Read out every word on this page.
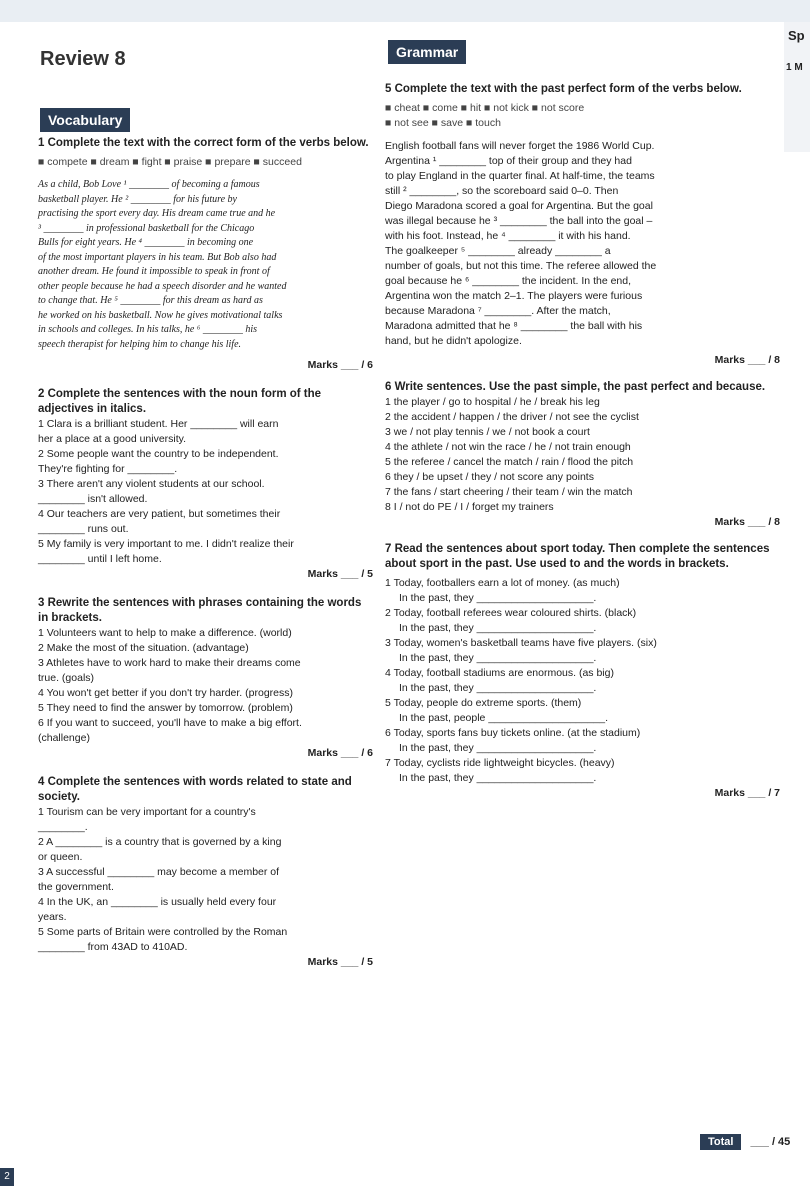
Sp
1 M
Review 8
Vocabulary
Grammar

1 Complete the text with the correct form of the verbs below.

■ compete ■ dream ■ fight ■ praise ■ prepare ■ succeed

As a child, Bob Love ¹ ________ of becoming a famous

basketball player. He ² ________ for his future by

practising the sport every day. His dream came true and he

³ ________ in professional basketball for the Chicago

Bulls for eight years. He ⁴ ________ in becoming one

of the most important players in his team. But Bob also had

another dream. He found it impossible to speak in front of

other people because he had a speech disorder and he wanted

to change that. He ⁵ ________ for this dream as hard as

he worked on his basketball. Now he gives motivational talks

in schools and colleges. In his talks, he ⁶ ________ his

speech therapist for helping him to change his life.

Marks ___ / 6

2 Complete the sentences with the noun form of the adjectives in italics.

1 Clara is a brilliant student. Her ________ will earn

her a place at a good university.

2 Some people want the country to be independent.

They're fighting for ________.

3 There aren't any violent students at our school.

________ isn't allowed.

4 Our teachers are very patient, but sometimes their

________ runs out.

5 My family is very important to me. I didn't realize their

________ until I left home.

Marks ___ / 5

3 Rewrite the sentences with phrases containing the words in brackets.

1 Volunteers want to help to make a difference. (world)

2 Make the most of the situation. (advantage)

3 Athletes have to work hard to make their dreams come

true. (goals)

4 You won't get better if you don't try harder. (progress)

5 They need to find the answer by tomorrow. (problem)

6 If you want to succeed, you'll have to make a big effort.

(challenge)

Marks ___ / 6

4 Complete the sentences with words related to state and society.

1 Tourism can be very important for a country's

________.

2 A ________ is a country that is governed by a king

or queen.

3 A successful ________ may become a member of

the government.

4 In the UK, an ________ is usually held every four

years.

5 Some parts of Britain were controlled by the Roman

________ from 43AD to 410AD.

Marks ___ / 5

5 Complete the text with the past perfect form of the verbs below.

■ cheat ■ come ■ hit ■ not kick ■ not score

■ not see ■ save ■ touch

English football fans will never forget the 1986 World Cup.

Argentina ¹ ________ top of their group and they had

to play England in the quarter final. At half-time, the teams

still ² ________, so the scoreboard said 0–0. Then

Diego Maradona scored a goal for Argentina. But the goal

was illegal because he ³ ________ the ball into the goal –

with his foot. Instead, he ⁴ ________ it with his hand.

The goalkeeper ⁵ ________ already ________ a

number of goals, but not this time. The referee allowed the

goal because he ⁶ ________ the incident. In the end,

Argentina won the match 2–1. The players were furious

because Maradona ⁷ ________. After the match,

Maradona admitted that he ⁸ ________ the ball with his

hand, but he didn't apologize.

Marks ___ / 8

6 Write sentences. Use the past simple, the past perfect and because.

1 the player / go to hospital / he / break his leg

2 the accident / happen / the driver / not see the cyclist

3 we / not play tennis / we / not book a court

4 the athlete / not win the race / he / not train enough

5 the referee / cancel the match / rain / flood the pitch

6 they / be upset / they / not score any points

7 the fans / start cheering / their team / win the match

8 I / not do PE / I / forget my trainers

Marks ___ / 8

7 Read the sentences about sport today. Then complete the sentences about sport in the past. Use used to and the words in brackets.

1 Today, footballers earn a lot of money. (as much)

In the past, they ____________________.

2 Today, football referees wear coloured shirts. (black)

In the past, they ____________________.

3 Today, women's basketball teams have five players. (six)

In the past, they ____________________.

4 Today, football stadiums are enormous. (as big)

In the past, they ____________________.

5 Today, people do extreme sports. (them)

In the past, people ____________________.

6 Today, sports fans buy tickets online. (at the stadium)

In the past, they ____________________.

7 Today, cyclists ride lightweight bicycles. (heavy)

In the past, they ____________________.

Marks ___ / 7

Total ___ / 45
2
